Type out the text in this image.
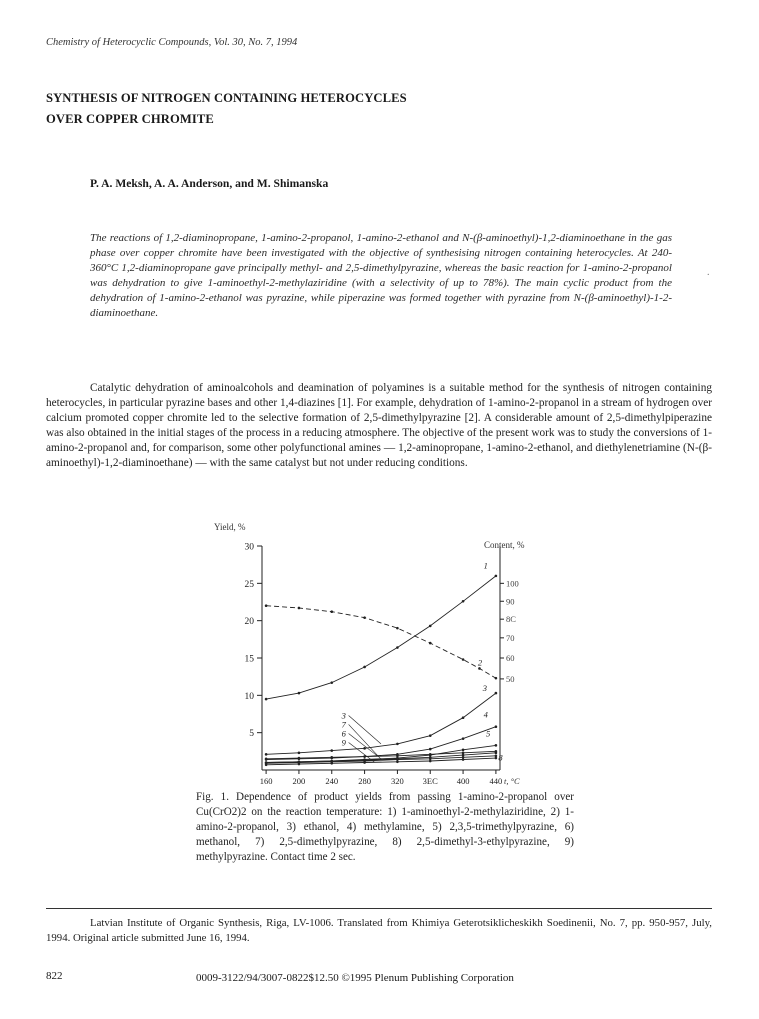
Chemistry of Heterocyclic Compounds, Vol. 30, No. 7, 1994
SYNTHESIS OF NITROGEN CONTAINING HETEROCYCLES
OVER COPPER CHROMITE
P. A. Meksh, A. A. Anderson, and M. Shimanska
The reactions of 1,2-diaminopropane, 1-amino-2-propanol, 1-amino-2-ethanol and N-(β-aminoethyl)-1,2-diaminoethane in the gas phase over copper chromite have been investigated with the objective of synthesising nitrogen containing heterocycles. At 240-360°C 1,2-diaminopropane gave principally methyl- and 2,5-dimethylpyrazine, whereas the basic reaction for 1-amino-2-propanol was dehydration to give 1-aminoethyl-2-methylaziridine (with a selectivity of up to 78%). The main cyclic product from the dehydration of 1-amino-2-ethanol was pyrazine, while piperazine was formed together with pyrazine from N-(β-aminoethyl)-1-2-diaminoethane.
.

Catalytic dehydration of aminoalcohols and deamination of polyamines is a suitable method for the synthesis of nitrogen containing heterocycles, in particular pyrazine bases and other 1,4-diazines [1]. For example, dehydration of 1-amino-2-propanol in a stream of hydrogen over calcium promoted copper chromite led to the selective formation of 2,5-dimethylpyrazine [2]. A considerable amount of 2,5-dimethylpiperazine was also obtained in the initial stages of the process in a reducing atmosphere. The objective of the present work was to study the conversions of 1-amino-2-propanol and, for comparison, some other polyfunctional amines — 1,2-aminopropane, 1-amino-2-ethanol, and diethylenetriamine (N-(β-aminoethyl)-1,2-diaminoethane) — with the same catalyst but not under reducing conditions.

5
10
15
20
25
30
100
90
8C
70
60
50
160 200 240 280 320 3EC 400 440
Yield, %
Content, %
t, °C
1
2
3
4
5
8
3
7
6
9
Fig. 1. Dependence of product yields from passing 1-amino-2-propanol over Cu(CrO2)2 on the reaction temperature: 1) 1-aminoethyl-2-methylaziridine, 2) 1-amino-2-propanol, 3) ethanol, 4) methylamine, 5) 2,3,5-trimethylpyrazine, 6) methanol, 7) 2,5-dimethylpyrazine, 8) 2,5-dimethyl-3-ethylpyrazine, 9) methylpyrazine. Contact time 2 sec.
Latvian Institute of Organic Synthesis, Riga, LV-1006. Translated from Khimiya Geterotsiklicheskikh Soedinenii, No. 7, pp. 950-957, July, 1994. Original article submitted June 16, 1994.
822	0009-3122/94/3007-0822$12.50 ©1995 Plenum Publishing Corporation
